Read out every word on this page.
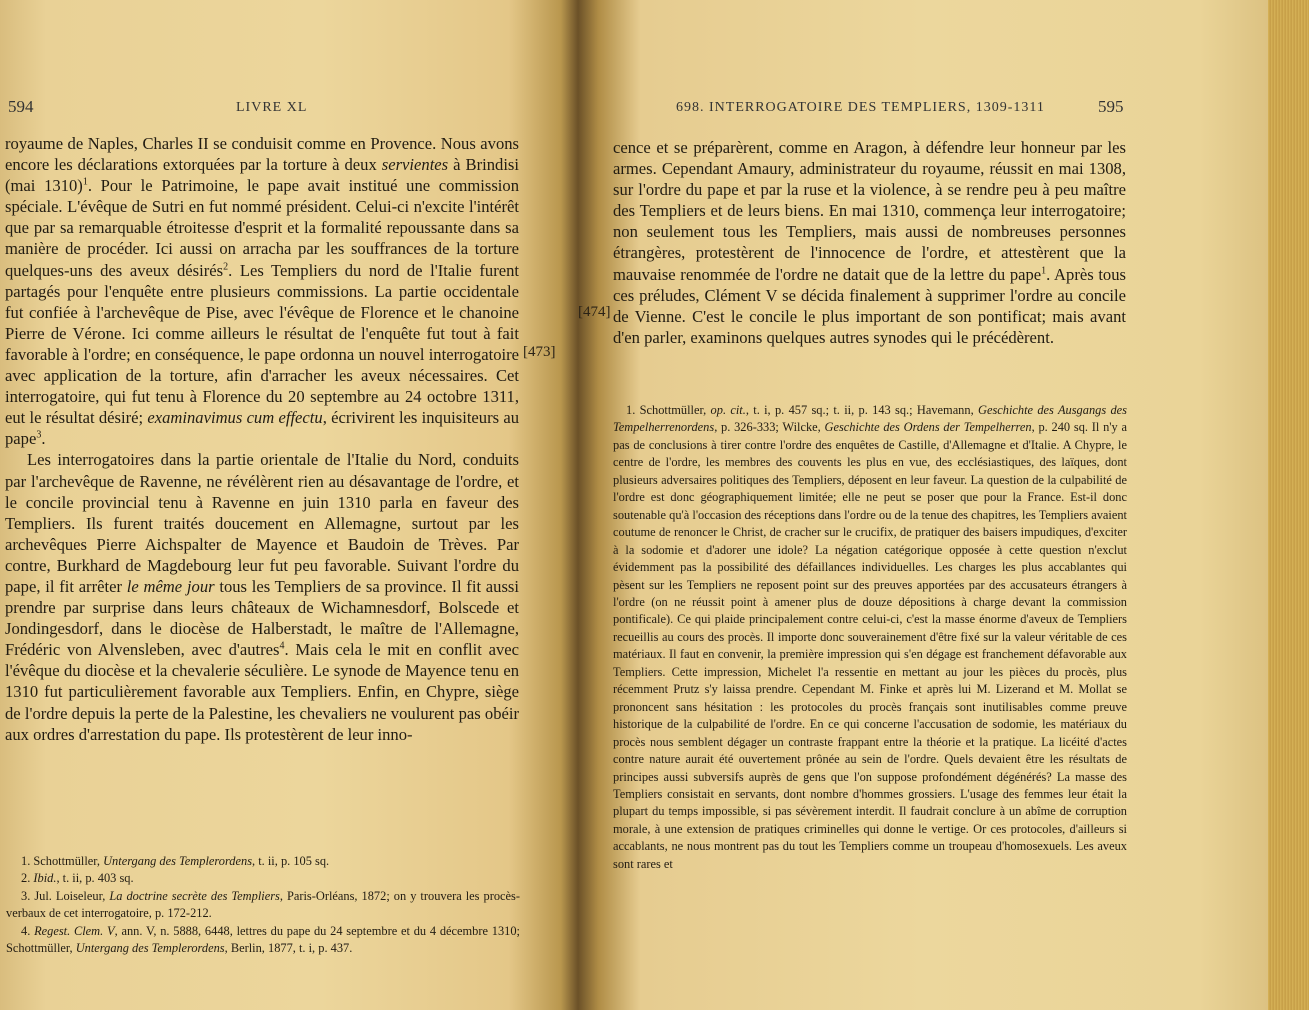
594	LIVRE XL

royaume de Naples, Charles II se conduisit comme en Provence. Nous avons encore les déclarations extorquées par la torture à deux servientes à Brindisi (mai 1310)$^1$. Pour le Patrimoine, le pape avait institué une commission spéciale. L'évêque de Sutri en fut nommé président. Celui-ci n'excite l'intérêt que par sa remarquable étroitesse d'esprit et la formalité repoussante dans sa manière de procéder. Ici aussi on arracha par les souffrances de la torture quelques-uns des aveux désirés$^2$. Les Templiers du nord de l'Italie furent partagés pour l'enquête entre plusieurs commissions. La partie occidentale fut confiée à l'archevêque de Pise, avec l'évêque de Florence et le chanoine Pierre de Vérone. Ici comme ailleurs le résultat de l'enquête fut tout à fait favorable à l'ordre; en conséquence, le pape ordonna un nouvel interrogatoire avec application de la torture, afin d'arracher les aveux nécessaires. Cet interrogatoire, qui fut tenu à Florence du 20 septembre au 24 octobre 1311, eut le résultat désiré; examinavimus cum effectu, écrivirent les inquisiteurs au pape$^3$.

Les interrogatoires dans la partie orientale de l'Italie du Nord, conduits par l'archevêque de Ravenne, ne révélèrent rien au désavantage de l'ordre, et le concile provincial tenu à Ravenne en juin 1310 parla en faveur des Templiers. Ils furent traités doucement en Allemagne, surtout par les archevêques Pierre Aichspalter de Mayence et Baudoin de Trèves. Par contre, Burkhard de Magdebourg leur fut peu favorable. Suivant l'ordre du pape, il fit arrêter le même jour tous les Templiers de sa province. Il fit aussi prendre par surprise dans leurs châteaux de Wichamnesdorf, Bolscede et Jondingesdorf, dans le diocèse de Halberstadt, le maître de l'Allemagne, Frédéric von Alvensleben, avec d'autres$^4$. Mais cela le mit en conflit avec l'évêque du diocèse et la chevalerie séculière. Le synode de Mayence tenu en 1310 fut particulièrement favorable aux Templiers. Enfin, en Chypre, siège de l'ordre depuis la perte de la Palestine, les chevaliers ne voulurent pas obéir aux ordres d'arrestation du pape. Ils protestèrent de leur inno-

[473]

1. Schottmüller, Untergang des Templerordens, t. ii, p. 105 sq.

2. Ibid., t. ii, p. 403 sq.

3. Jul. Loiseleur, La doctrine secrète des Templiers, Paris-Orléans, 1872; on y trouvera les procès-verbaux de cet interrogatoire, p. 172-212.

4. Regest. Clem. V, ann. V, n. 5888, 6448, lettres du pape du 24 septembre et du 4 décembre 1310; Schottmüller, Untergang des Templerordens, Berlin, 1877, t. i, p. 437.

698. INTERROGATOIRE DES TEMPLIERS, 1309-1311	595
[474]

cence et se préparèrent, comme en Aragon, à défendre leur honneur par les armes. Cependant Amaury, administrateur du royaume, réussit en mai 1308, sur l'ordre du pape et par la ruse et la violence, à se rendre peu à peu maître des Templiers et de leurs biens. En mai 1310, commença leur interrogatoire; non seulement tous les Templiers, mais aussi de nombreuses personnes étrangères, protestèrent de l'innocence de l'ordre, et attestèrent que la mauvaise renommée de l'ordre ne datait que de la lettre du pape$^1$. Après tous ces préludes, Clément V se décida finalement à supprimer l'ordre au concile de Vienne. C'est le concile le plus important de son pontificat; mais avant d'en parler, examinons quelques autres synodes qui le précédèrent.

1. Schottmüller, op. cit., t. i, p. 457 sq.; t. ii, p. 143 sq.; Havemann, Geschichte des Ausgangs des Tempelherrenordens, p. 326-333; Wilcke, Geschichte des Ordens der Tempelherren, p. 240 sq. Il n'y a pas de conclusions à tirer contre l'ordre des enquêtes de Castille, d'Allemagne et d'Italie. A Chypre, le centre de l'ordre, les membres des couvents les plus en vue, des ecclésiastiques, des laïques, dont plusieurs adversaires politiques des Templiers, déposent en leur faveur. La question de la culpabilité de l'ordre est donc géographiquement limitée; elle ne peut se poser que pour la France. Est-il donc soutenable qu'à l'occasion des réceptions dans l'ordre ou de la tenue des chapitres, les Templiers avaient coutume de renoncer le Christ, de cracher sur le crucifix, de pratiquer des baisers impudiques, d'exciter à la sodomie et d'adorer une idole? La négation catégorique opposée à cette question n'exclut évidemment pas la possibilité des défaillances individuelles. Les charges les plus accablantes qui pèsent sur les Templiers ne reposent point sur des preuves apportées par des accusateurs étrangers à l'ordre (on ne réussit point à amener plus de douze dépositions à charge devant la commission pontificale). Ce qui plaide principalement contre celui-ci, c'est la masse énorme d'aveux de Templiers recueillis au cours des procès. Il importe donc souverainement d'être fixé sur la valeur véritable de ces matériaux. Il faut en convenir, la première impression qui s'en dégage est franchement défavorable aux Templiers. Cette impression, Michelet l'a ressentie en mettant au jour les pièces du procès, plus récemment Prutz s'y laissa prendre. Cependant M. Finke et après lui M. Lizerand et M. Mollat se prononcent sans hésitation : les protocoles du procès français sont inutilisables comme preuve historique de la culpabilité de l'ordre. En ce qui concerne l'accusation de sodomie, les matériaux du procès nous semblent dégager un contraste frappant entre la théorie et la pratique. La licéité d'actes contre nature aurait été ouvertement prônée au sein de l'ordre. Quels devaient être les résultats de principes aussi subversifs auprès de gens que l'on suppose profondément dégénérés? La masse des Templiers consistait en servants, dont nombre d'hommes grossiers. L'usage des femmes leur était la plupart du temps impossible, si pas sévèrement interdit. Il faudrait conclure à un abîme de corruption morale, à une extension de pratiques criminelles qui donne le vertige. Or ces protocoles, d'ailleurs si accablants, ne nous montrent pas du tout les Templiers comme un troupeau d'homosexuels. Les aveux sont rares et
